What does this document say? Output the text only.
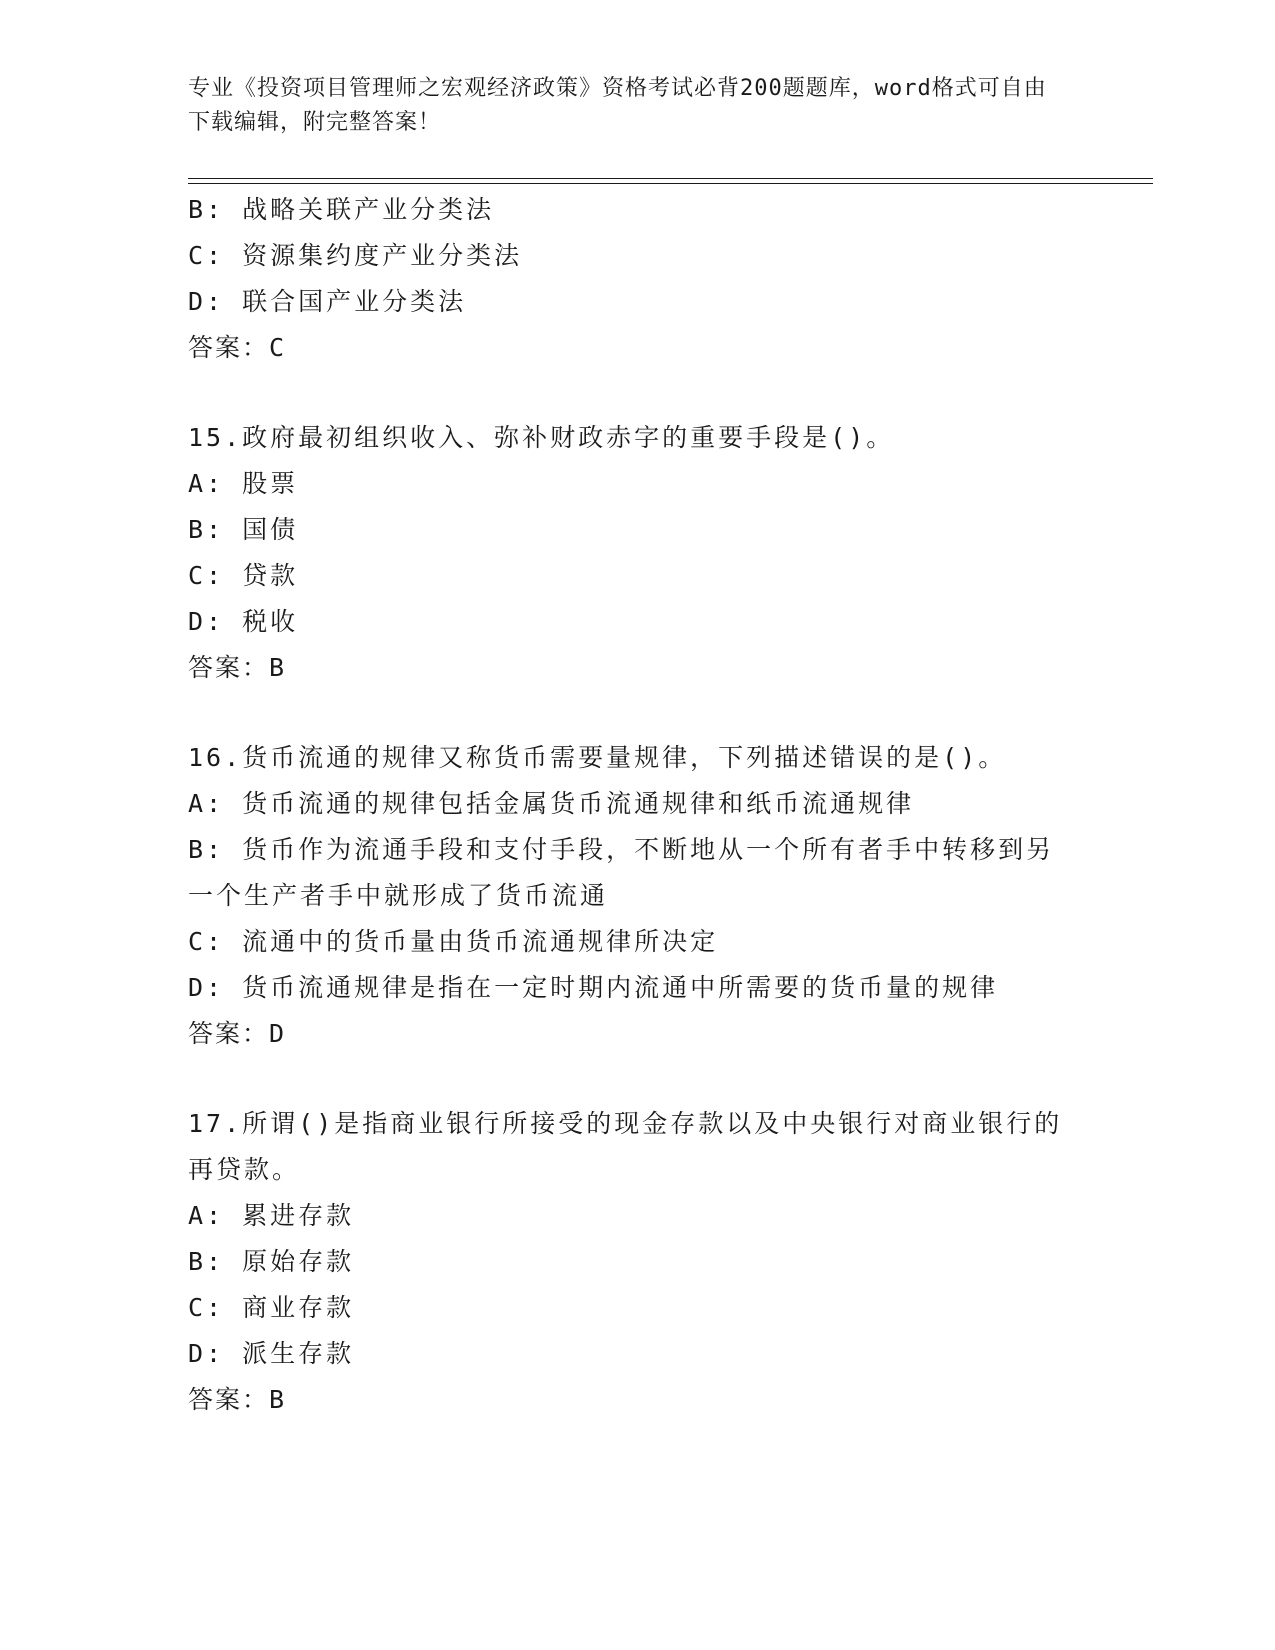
专业《投资项目管理师之宏观经济政策》资格考试必背200题题库，word格式可自由下载编辑，附完整答案！
B: 战略关联产业分类法
C: 资源集约度产业分类法
D: 联合国产业分类法
答案：C
15.政府最初组织收入、弥补财政赤字的重要手段是()。
A: 股票
B: 国债
C: 贷款
D: 税收
答案：B
16.货币流通的规律又称货币需要量规律，下列描述错误的是()。
A: 货币流通的规律包括金属货币流通规律和纸币流通规律
B: 货币作为流通手段和支付手段，不断地从一个所有者手中转移到另一个生产者手中就形成了货币流通
C: 流通中的货币量由货币流通规律所决定
D: 货币流通规律是指在一定时期内流通中所需要的货币量的规律
答案：D
17.所谓()是指商业银行所接受的现金存款以及中央银行对商业银行的再贷款。
A: 累进存款
B: 原始存款
C: 商业存款
D: 派生存款
答案：B
